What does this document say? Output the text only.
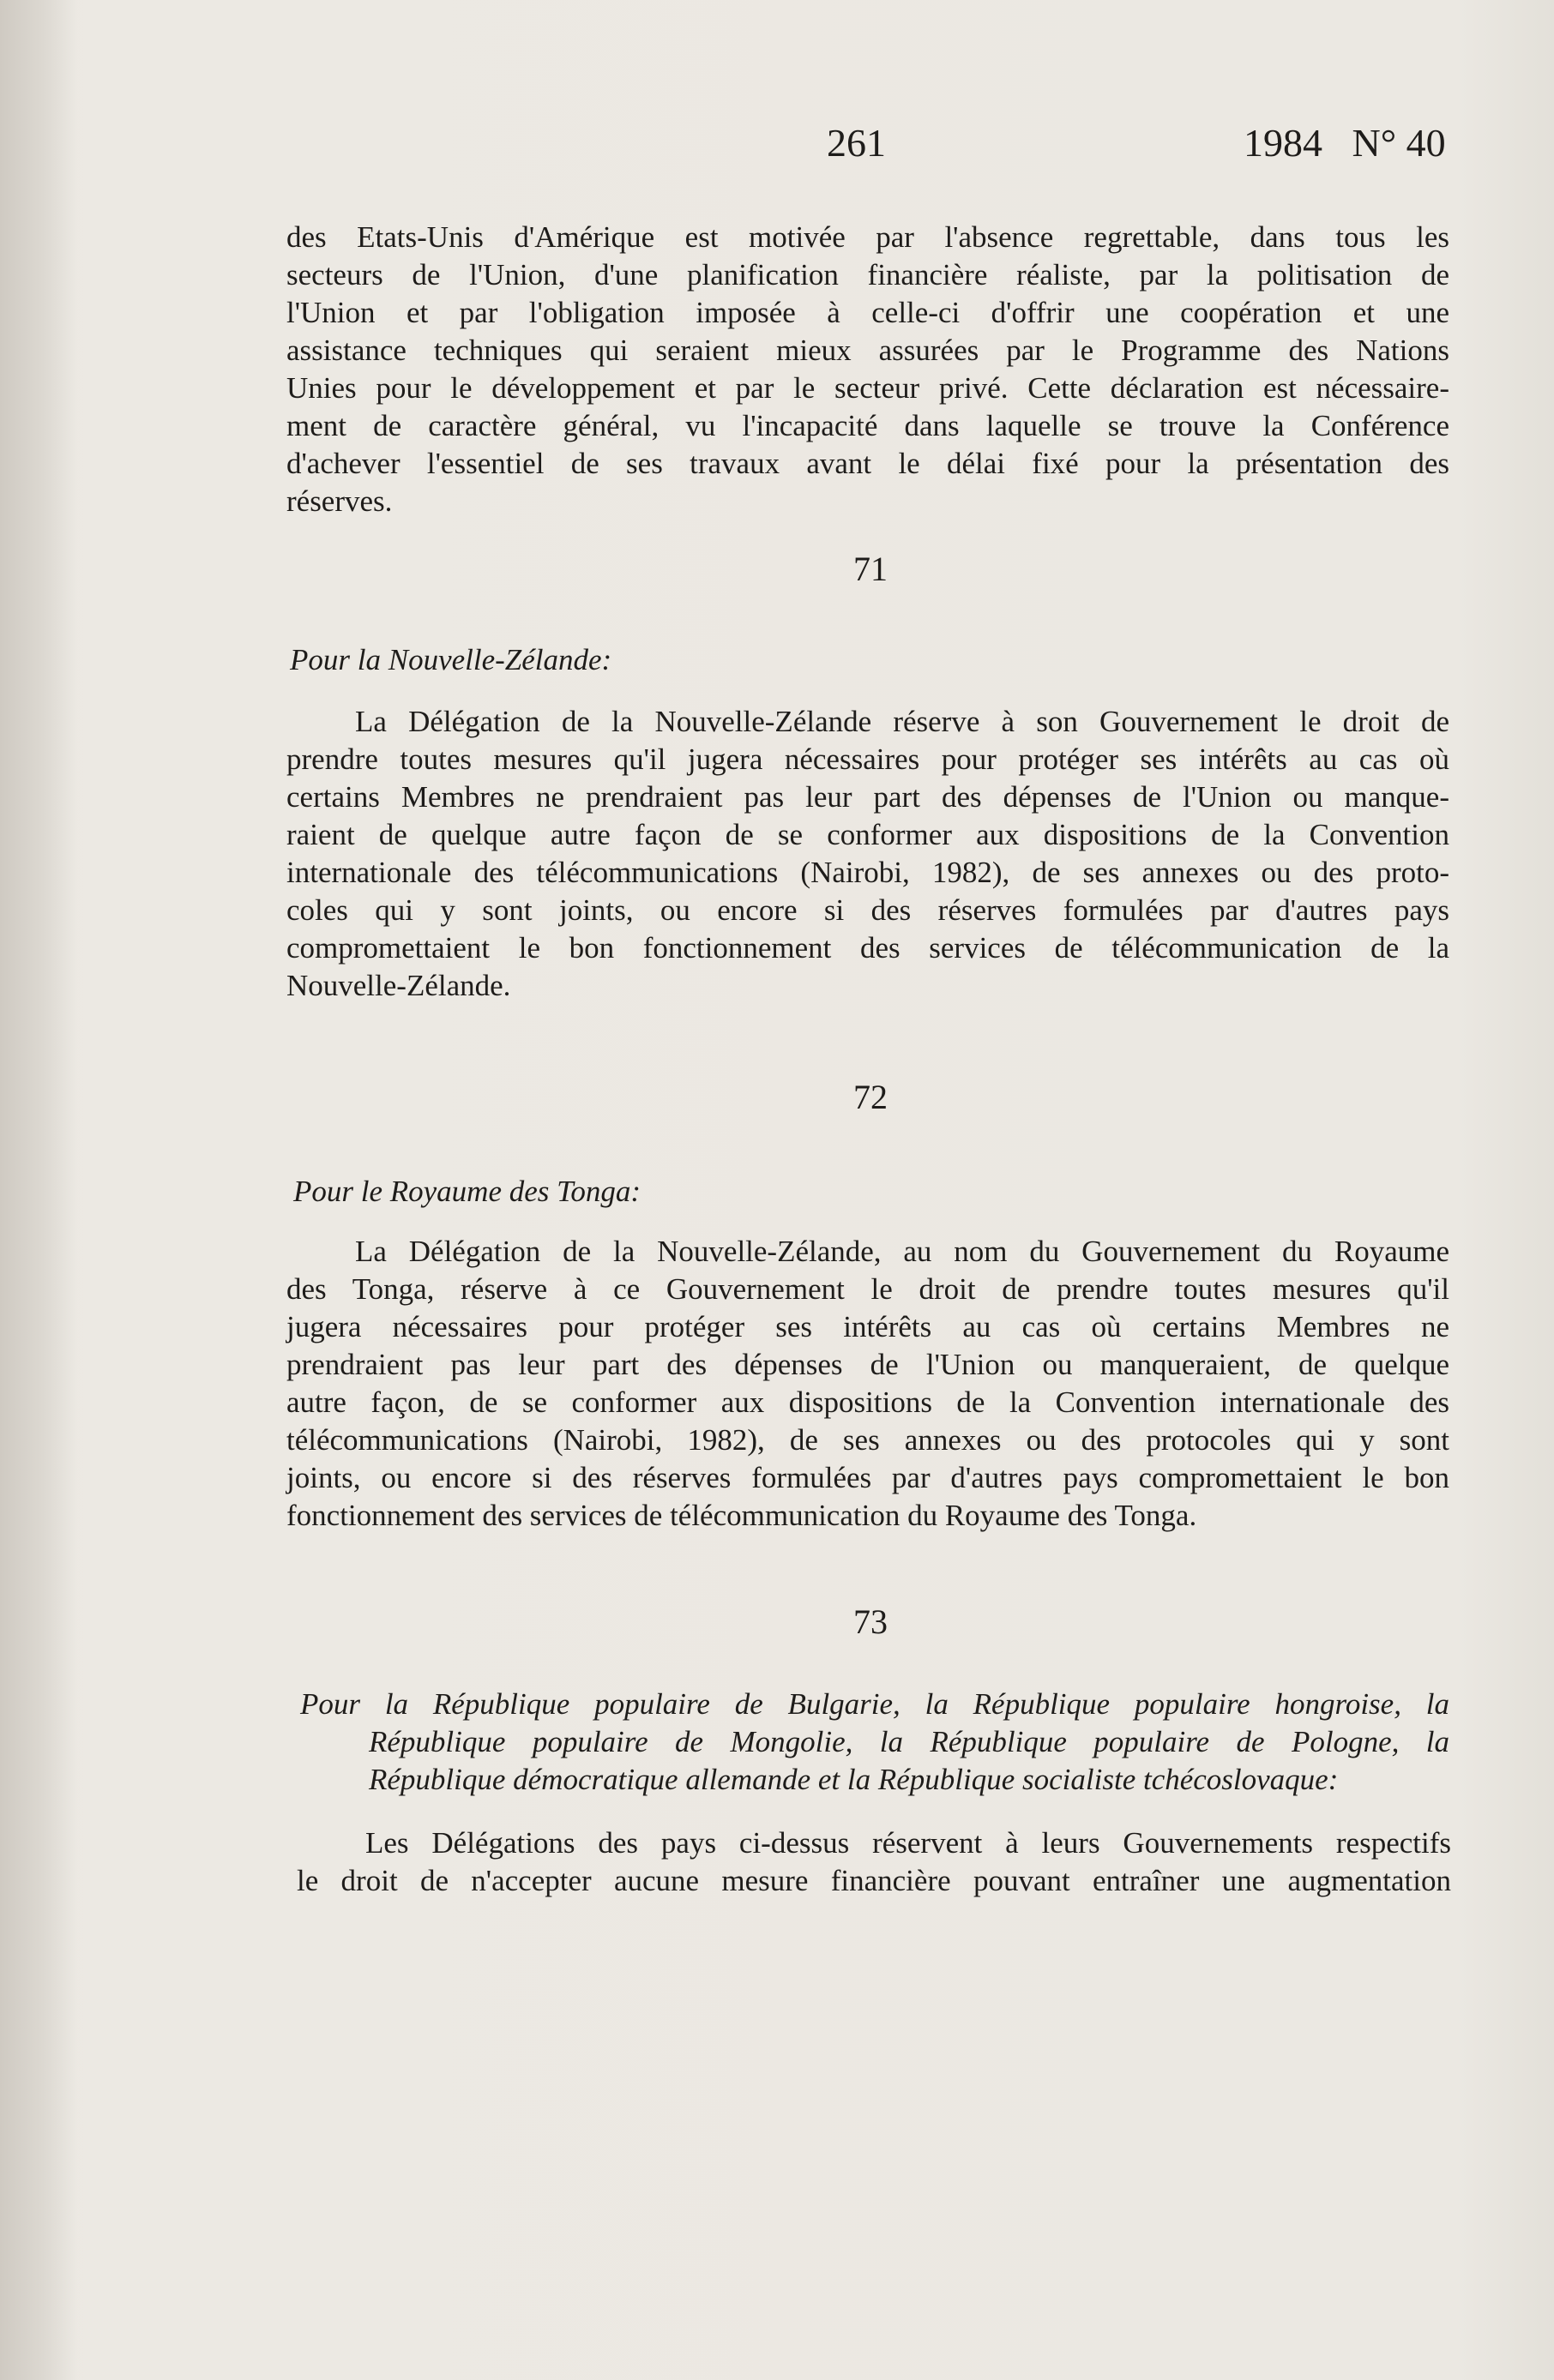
261	1984   N° 40

des Etats-Unis d'Amérique est motivée par l'absence regrettable, dans tous les

secteurs de l'Union, d'une planification financière réaliste, par la politisation de

l'Union et par l'obligation imposée à celle-ci d'offrir une coopération et une

assistance techniques qui seraient mieux assurées par le Programme des Nations

Unies pour le développement et par le secteur privé. Cette déclaration est nécessaire-

ment de caractère général, vu l'incapacité dans laquelle se trouve la Conférence

d'achever l'essentiel de ses travaux avant le délai fixé pour la présentation des

réserves.

71
Pour la Nouvelle-Zélande:

La Délégation de la Nouvelle-Zélande réserve à son Gouvernement le droit de

prendre toutes mesures qu'il jugera nécessaires pour protéger ses intérêts au cas où

certains Membres ne prendraient pas leur part des dépenses de l'Union ou manque-

raient de quelque autre façon de se conformer aux dispositions de la Convention

internationale des télécommunications (Nairobi, 1982), de ses annexes ou des proto-

coles qui y sont joints, ou encore si des réserves formulées par d'autres pays

compromettaient le bon fonctionnement des services de télécommunication de la

Nouvelle-Zélande.

72
Pour le Royaume des Tonga:

La Délégation de la Nouvelle-Zélande, au nom du Gouvernement du Royaume

des Tonga, réserve à ce Gouvernement le droit de prendre toutes mesures qu'il

jugera nécessaires pour protéger ses intérêts au cas où certains Membres ne

prendraient pas leur part des dépenses de l'Union ou manqueraient, de quelque

autre façon, de se conformer aux dispositions de la Convention internationale des

télécommunications (Nairobi, 1982), de ses annexes ou des protocoles qui y sont

joints, ou encore si des réserves formulées par d'autres pays compromettaient le bon

fonctionnement des services de télécommunication du Royaume des Tonga.

73
Pour la République populaire de Bulgarie, la République populaire hongroise, la
République populaire de Mongolie, la République populaire de Pologne, la
République démocratique allemande et la République socialiste tchécoslovaque:

Les Délégations des pays ci-dessus réservent à leurs Gouvernements respectifs

le droit de n'accepter aucune mesure financière pouvant entraîner une augmentation
